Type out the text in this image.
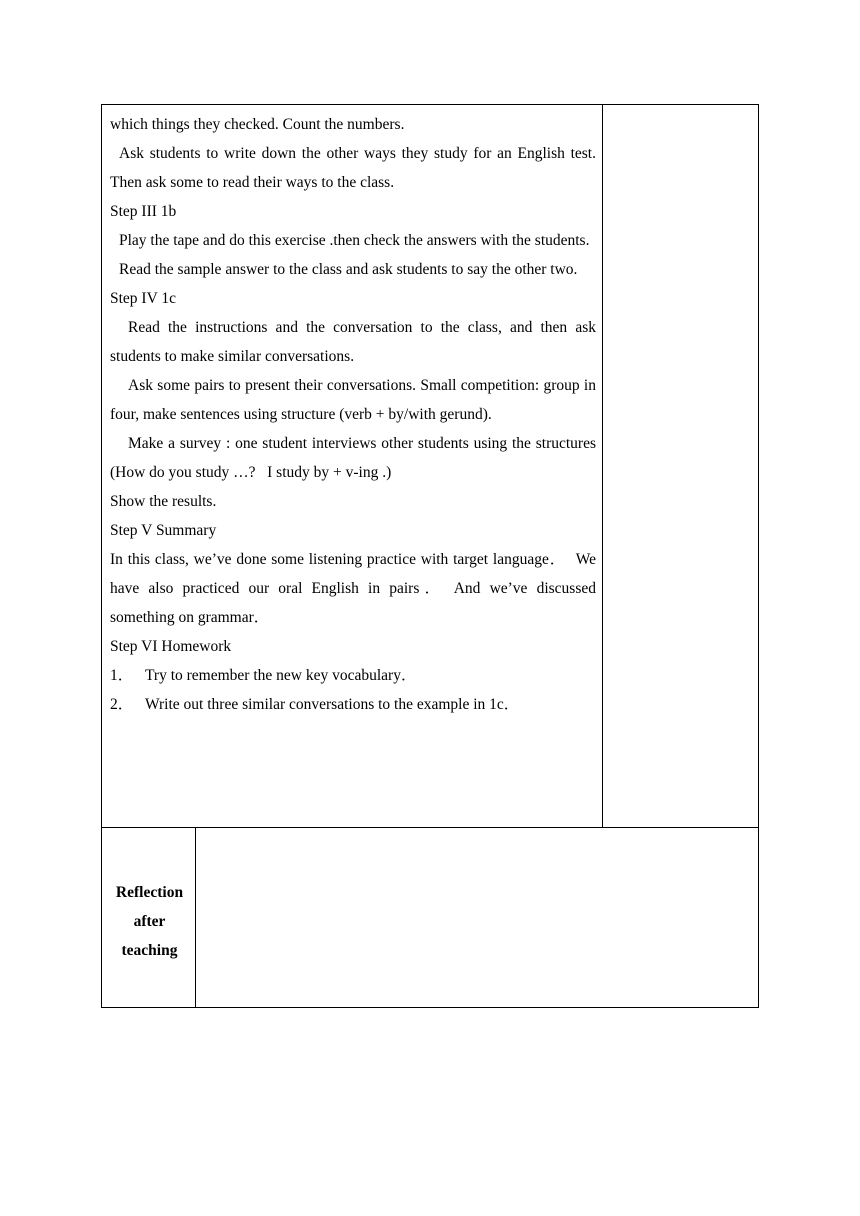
which things they checked. Count the numbers.

Ask students to write down the other ways they study for an English test. Then ask some to read their ways to the class.

Step III 1b

Play the tape and do this exercise .then check the answers with the students.

Read the sample answer to the class and ask students to say the other two.

Step IV 1c

Read the instructions and the conversation to the class, and then ask students to make similar conversations.

Ask some pairs to present their conversations. Small competition: group in four, make sentences using structure (verb + by/with gerund).

Make a survey : one student interviews other students using the structures (How do you study …?   I study by + v-ing .)

Show the results.

Step V Summary

In this class, we’ve done some listening practice with target language．  We have also practiced our oral English in pairs． And we’ve discussed something on grammar．

Step VI Homework

1． Try to remember the new key vocabulary．

2． Write out three similar conversations to the example in 1c．

Reflection
after
teaching
